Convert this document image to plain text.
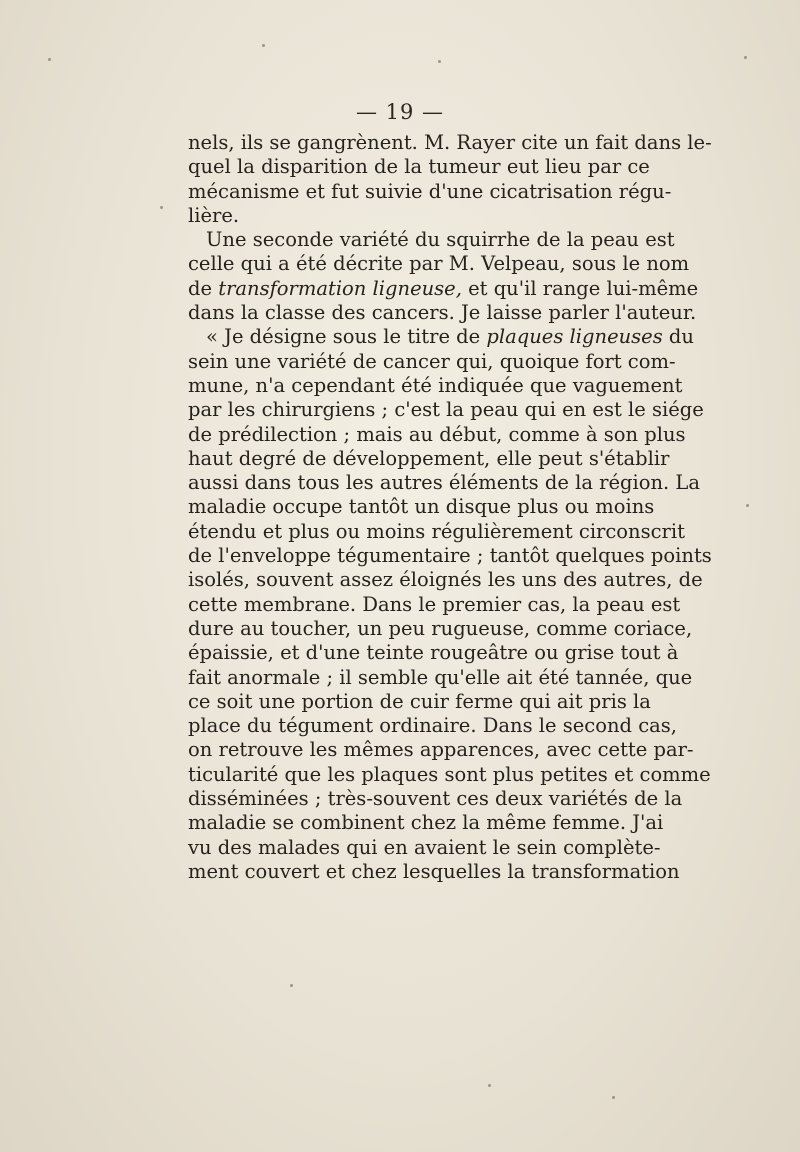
— 19 —
nels, ils se gangrènent. M. Rayer cite un fait dans le-
quel la disparition de la tumeur eut lieu par ce
mécanisme et fut suivie d'une cicatrisation régu-
lière.
Une seconde variété du squirrhe de la peau est
celle qui a été décrite par M. Velpeau, sous le nom
de transformation ligneuse, et qu'il range lui-même
dans la classe des cancers. Je laisse parler l'auteur.
« Je désigne sous le titre de plaques ligneuses du
sein une variété de cancer qui, quoique fort com-
mune, n'a cependant été indiquée que vaguement
par les chirurgiens ; c'est la peau qui en est le siége
de prédilection ; mais au début, comme à son plus
haut degré de développement, elle peut s'établir
aussi dans tous les autres éléments de la région. La
maladie occupe tantôt un disque plus ou moins
étendu et plus ou moins régulièrement circonscrit
de l'enveloppe tégumentaire ; tantôt quelques points
isolés, souvent assez éloignés les uns des autres, de
cette membrane. Dans le premier cas, la peau est
dure au toucher, un peu rugueuse, comme coriace,
épaissie, et d'une teinte rougeâtre ou grise tout à
fait anormale ; il semble qu'elle ait été tannée, que
ce soit une portion de cuir ferme qui ait pris la
place du tégument ordinaire. Dans le second cas,
on retrouve les mêmes apparences, avec cette par-
ticularité que les plaques sont plus petites et comme
disséminées ; très-souvent ces deux variétés de la
maladie se combinent chez la même femme. J'ai
vu des malades qui en avaient le sein complète-
ment couvert et chez lesquelles la transformation
